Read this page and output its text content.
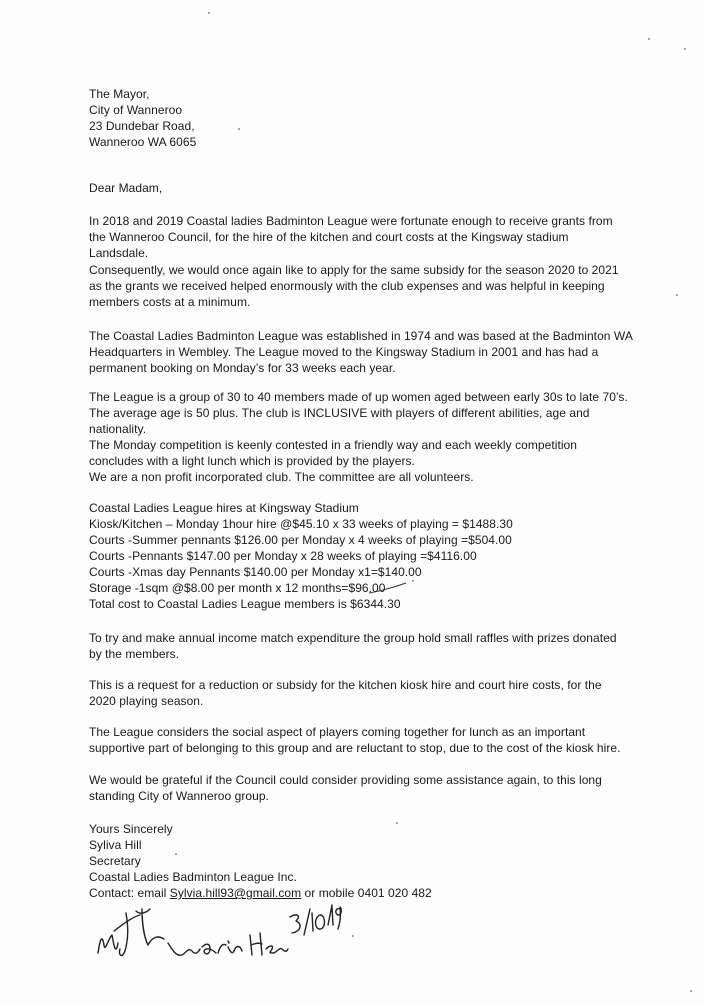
The Mayor,
City of Wanneroo
23 Dundebar Road,
Wanneroo WA 6065
Dear Madam,
In 2018 and 2019 Coastal ladies Badminton League were fortunate enough to receive grants from
the Wanneroo Council, for the hire of the kitchen and court costs at the Kingsway stadium
Landsdale.
Consequently, we would once again like to apply for the same subsidy for the season 2020 to 2021
as the grants we received helped enormously with the club expenses and was helpful in keeping
members costs at a minimum.
The Coastal Ladies Badminton League was established in 1974 and was based at the Badminton WA
Headquarters in Wembley. The League moved to the Kingsway Stadium in 2001 and has had a
permanent booking on Monday’s for 33 weeks each year.
The League is a group of 30 to 40 members made of up women aged between early 30s to late 70’s.
The average age is 50 plus. The club is INCLUSIVE with players of different abilities, age and
nationality.
The Monday competition is keenly contested in a friendly way and each weekly competition
concludes with a light lunch which is provided by the players.
We are a non profit incorporated club. The committee are all volunteers.
Coastal Ladies League hires at Kingsway Stadium
Kiosk/Kitchen – Monday 1hour hire @$45.10 x 33 weeks of playing = $1488.30
Courts -Summer pennants $126.00 per Monday x 4 weeks of playing =$504.00
Courts -Pennants $147.00 per Monday x 28 weeks of playing =$4116.00
Courts -Xmas day Pennants $140.00 per Monday x1=$140.00
Storage -1sqm @$8.00 per month x 12 months=$96.00
Total cost to Coastal Ladies League members is $6344.30
To try and make annual income match expenditure the group hold small raffles with prizes donated
by the members.
This is a request for a reduction or subsidy for the kitchen kiosk hire and court hire costs, for the
2020 playing season.
The League considers the social aspect of players coming together for lunch as an important
supportive part of belonging to this group and are reluctant to stop, due to the cost of the kiosk hire.
We would be grateful if the Council could consider providing some assistance again, to this long
standing City of Wanneroo group.
Yours Sincerely
Syliva Hill
Secretary
Coastal Ladies Badminton League Inc.
Contact: email Sylvia.hill93@gmail.com or mobile 0401 020 482
